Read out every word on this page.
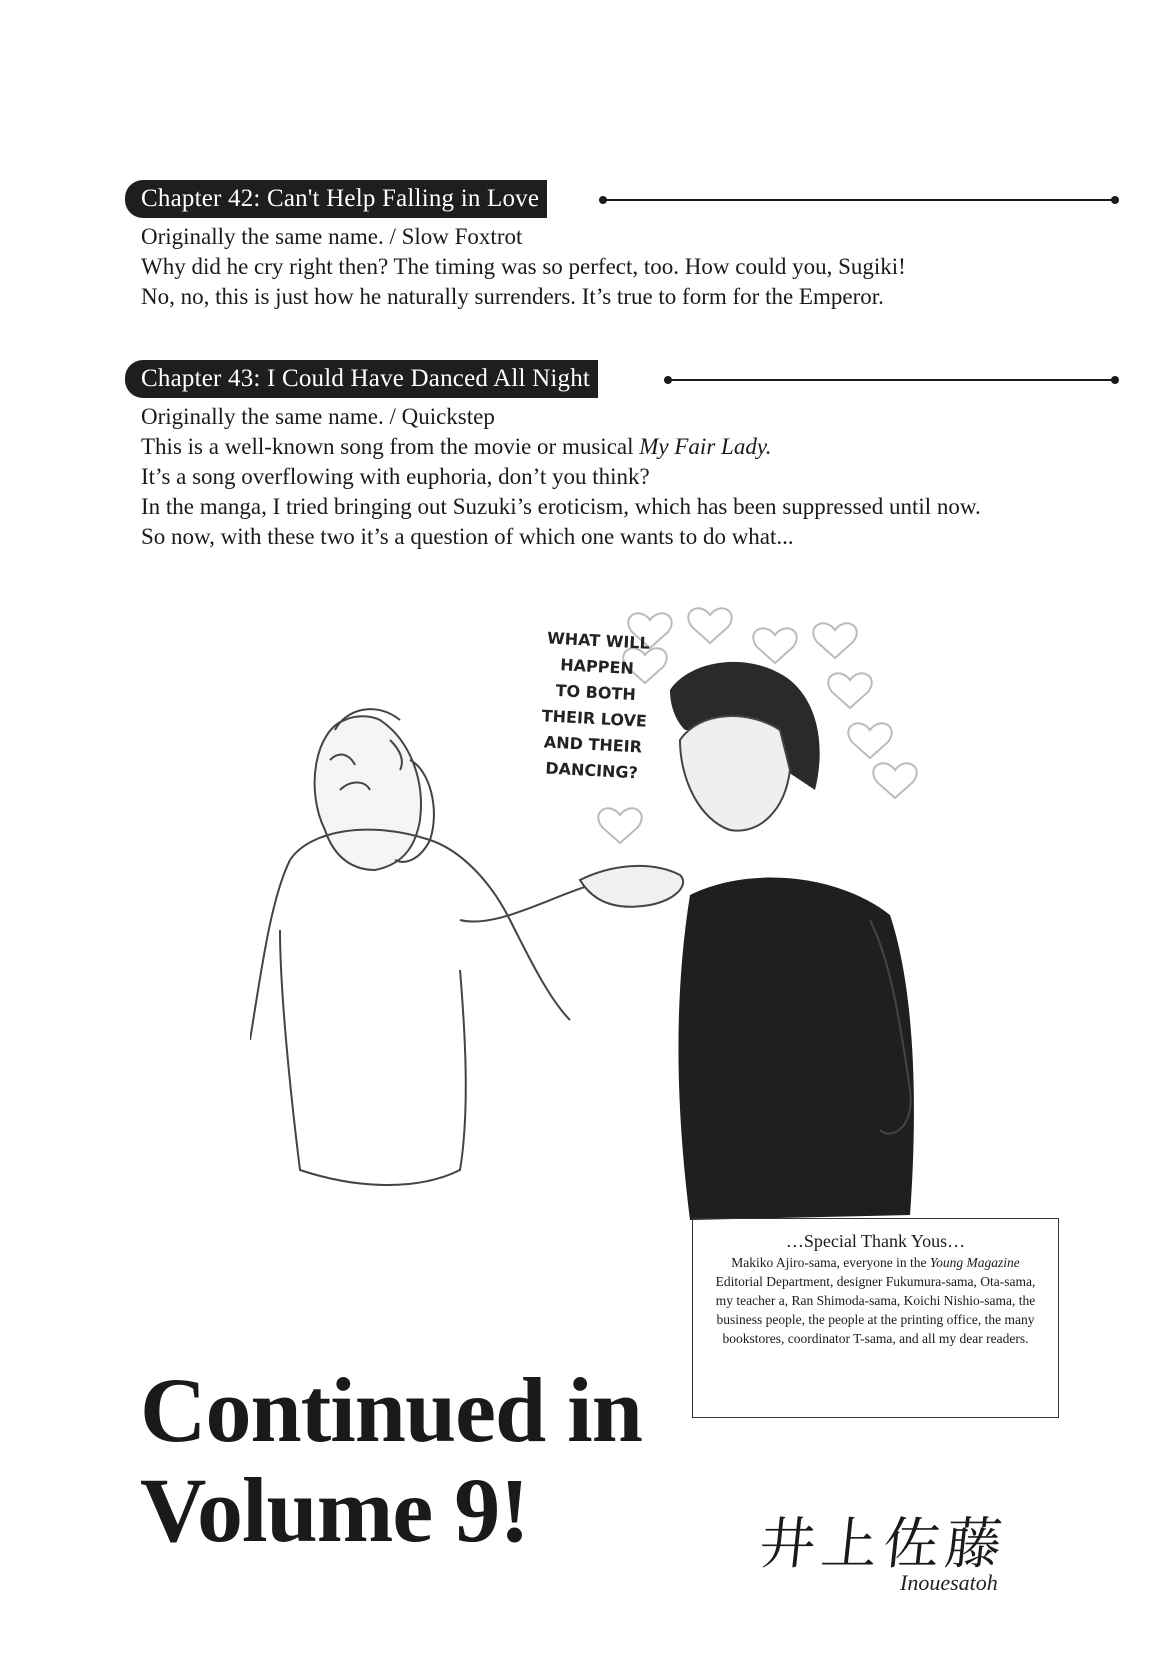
Chapter 42: Can't Help Falling in Love
Originally the same name. / Slow Foxtrot
Why did he cry right then? The timing was so perfect, too. How could you, Sugiki!
No, no, this is just how he naturally surrenders. It’s true to form for the Emperor.
Chapter 43: I Could Have Danced All Night
Originally the same name. / Quickstep
This is a well-known song from the movie or musical My Fair Lady.
It’s a song overflowing with euphoria, don’t you think?
In the manga, I tried bringing out Suzuki’s eroticism, which has been suppressed until now.
So now, with these two it’s a question of which one wants to do what...
WHAT WILL
HAPPEN
TO BOTH
THEIR LOVE
AND THEIR
DANCING?
…Special Thank Yous…
Makiko Ajiro-sama, everyone in the Young Magazine Editorial Department, designer Fukumura-sama, Ota-sama, my teacher a, Ran Shimoda-sama, Koichi Nishio-sama, the business people, the people at the printing office, the many bookstores, coordinator T-sama, and all my dear readers.
Continued in
Volume 9!	井上佐藤
Inouesatoh
